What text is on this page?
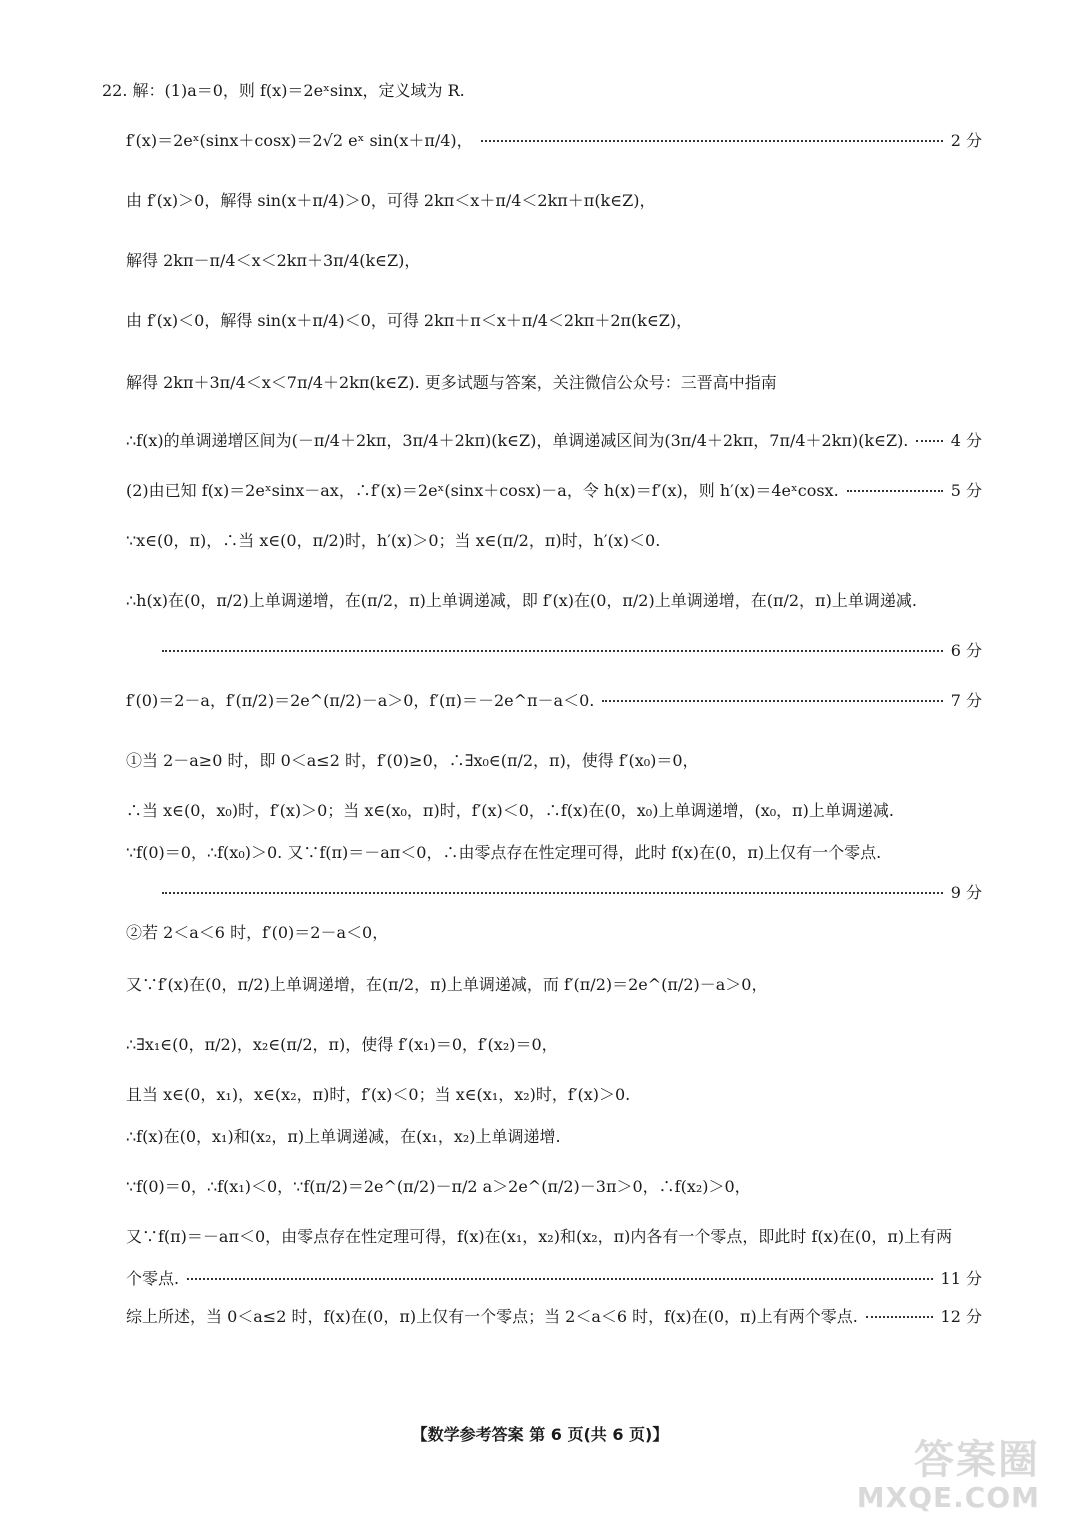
22. 解：(1)a＝0，则 f(x)＝2eˣsinx，定义域为 R.
f′(x)＝2eˣ(sinx＋cosx)＝2√2 eˣ sin(x＋π/4)，	2 分
由 f′(x)＞0，解得 sin(x＋π/4)＞0，可得 2kπ＜x＋π/4＜2kπ＋π(k∈Z)，
解得 2kπ－π/4＜x＜2kπ＋3π/4(k∈Z)，
由 f′(x)＜0，解得 sin(x＋π/4)＜0，可得 2kπ＋π＜x＋π/4＜2kπ＋2π(k∈Z)，
解得 2kπ＋3π/4＜x＜7π/4＋2kπ(k∈Z). 更多试题与答案，关注微信公众号：三晋高中指南
∴f(x)的单调递增区间为(－π/4＋2kπ，3π/4＋2kπ)(k∈Z)，单调递减区间为(3π/4＋2kπ，7π/4＋2kπ)(k∈Z).	4 分
(2)由已知 f(x)＝2eˣsinx－ax，∴f′(x)＝2eˣ(sinx＋cosx)－a，令 h(x)＝f′(x)，则 h′(x)＝4eˣcosx.	5 分
∵x∈(0，π)，∴当 x∈(0，π/2)时，h′(x)＞0；当 x∈(π/2，π)时，h′(x)＜0.
∴h(x)在(0，π/2)上单调递增，在(π/2，π)上单调递减，即 f′(x)在(0，π/2)上单调递增，在(π/2，π)上单调递减.
6 分
f′(0)＝2－a，f′(π/2)＝2e^(π/2)－a＞0，f′(π)＝－2e^π－a＜0.	7 分
①当 2－a≥0 时，即 0＜a≤2 时，f′(0)≥0，∴∃x₀∈(π/2，π)，使得 f′(x₀)＝0，
∴当 x∈(0，x₀)时，f′(x)＞0；当 x∈(x₀，π)时，f′(x)＜0，∴f(x)在(0，x₀)上单调递增，(x₀，π)上单调递减.
∵f(0)＝0，∴f(x₀)＞0. 又∵f(π)＝－aπ＜0，∴由零点存在性定理可得，此时 f(x)在(0，π)上仅有一个零点.
9 分
②若 2＜a＜6 时，f′(0)＝2－a＜0，
又∵f′(x)在(0，π/2)上单调递增，在(π/2，π)上单调递减，而 f′(π/2)＝2e^(π/2)－a＞0，
∴∃x₁∈(0，π/2)，x₂∈(π/2，π)，使得 f′(x₁)＝0，f′(x₂)＝0，
且当 x∈(0，x₁)，x∈(x₂，π)时，f′(x)＜0；当 x∈(x₁，x₂)时，f′(x)＞0.
∴f(x)在(0，x₁)和(x₂，π)上单调递减，在(x₁，x₂)上单调递增.
∵f(0)＝0，∴f(x₁)＜0，∵f(π/2)＝2e^(π/2)－π/2 a＞2e^(π/2)－3π＞0，∴f(x₂)＞0，
又∵f(π)＝－aπ＜0，由零点存在性定理可得，f(x)在(x₁，x₂)和(x₂，π)内各有一个零点，即此时 f(x)在(0，π)上有两
个零点.	11 分
综上所述，当 0＜a≤2 时，f(x)在(0，π)上仅有一个零点；当 2＜a＜6 时，f(x)在(0，π)上有两个零点.	12 分
【数学参考答案 第 6 页(共 6 页)】
答案圈
MXQE.COM
